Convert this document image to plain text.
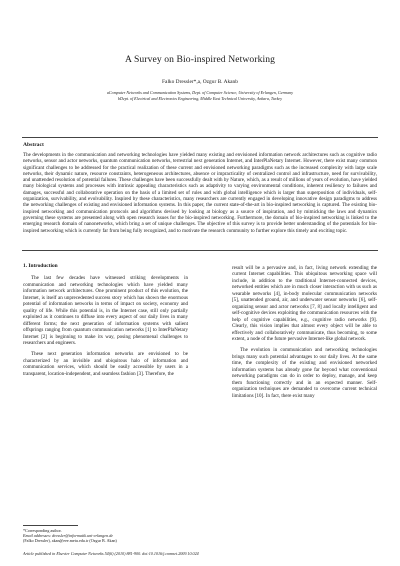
A Survey on Bio-inspired Networking
Falko Dressler*,a, Ozgur B. Akanb
aComputer Networks and Communication Systems, Dept. of Computer Science, University of Erlangen, Germany
bDept. of Electrical and Electronics Engineering, Middle East Technical University, Ankara, Turkey
Abstract

The developments in the communication and networking technologies have yielded many existing and envisioned information network architectures such as cognitive radio networks, sensor and actor networks, quantum communication networks, terrestrial next generation Internet, and InterPlaNetary Internet. However, there exist many common significant challenges to be addressed for the practical realization of these current and envisioned networking paradigms such as the increased complexity with large scale networks, their dynamic nature, resource constraints, heterogeneous architectures, absence or impracticality of centralized control and infrastructure, need for survivability, and unattended resolution of potential failures. These challenges have been successfully dealt with by Nature, which, as a result of millions of years of evolution, have yielded many biological systems and processes with intrinsic appealing characteristics such as adaptivity to varying environmental conditions, inherent resiliency to failures and damages, successful and collaborative operation on the basis of a limited set of rules and with global intelligence which is larger than superposition of individuals, self-organization, survivability, and evolvability. Inspired by these characteristics, many researchers are currently engaged in developing innovative design paradigms to address the networking challenges of existing and envisioned information systems. In this paper, the current state-of-the-art in bio-inspired networking is captured. The existing bio-inspired networking and communication protocols and algorithms devised by looking at biology as a source of inspiration, and by mimicking the laws and dynamics governing these systems are presented along with open research issues for the bio-inspired networking. Furthermore, the domain of bio-inspired networking is linked to the emerging research domain of nanonetworks, which bring a set of unique challenges. The objective of this survey is to provide better understanding of the potentials for bio-inspired networking which is currently far from being fully recognized, and to motivate the research community to further explore this timely and exciting topic.

1. Introduction

The last few decades have witnessed striking developments in communication and networking technologies which have yielded many information network architectures. One prominent product of this evolution, the Internet, is itself an unprecedented success story which has shown the enormous potential of information networks in terms of impact on society, economy and quality of life. While this potential is, in the Internet case, still only partially exploited as it continues to diffuse into every aspect of our daily lives in many different forms; the next generation of information systems with salient offsprings ranging from quantum communication networks [1] to InterPlaNetary Internet [2] is beginning to make its way, posing phenomenal challenges to researchers and engineers.

These next generation information networks are envisioned to be characterized by an invisible and ubiquitous halo of information and communication services, which should be easily accessible by users in a transparent, location-independent, and seamless fashion [3]. Therefore, the

result will be a pervasive and, in fact, living network extending the current Internet capabilities. This ubiquitous networking space will include, in addition to the traditional Internet-connected devices, networked entities which are in much closer interaction with us such as wearable networks [4], in-body molecular communication networks [5], unattended ground, air, and underwater sensor networks [6], self-organizing sensor and actor networks [7, 8] and locally intelligent and self-cognitive devices exploiting the communication resources with the help of cognitive capabilities, e.g., cognitive radio networks [9]. Clearly, this vision implies that almost every object will be able to effectively and collaboratively communicate, thus becoming, to some extent, a node of the future pervasive Internet-like global network.

The evolution in communication and networking technologies brings many such potential advantages to our daily lives. At the same time, the complexity of the existing and envisioned networked information systems has already gone far beyond what conventional networking paradigms can do in order to deploy, manage, and keep them functioning correctly and in an expected manner. Self-organization techniques are demanded to overcome current technical limitations [10]. In fact, there exist many

*Corresponding author.
Email addresses: dressler@informatik.uni-erlangen.de
(Falko Dressler), akan@eee.metu.edu.tr (Ozgur B. Akan)
Article published in Elsevier Computer Networks 54(6) (2010) 881-900. doi:10.1016/j.comnet.2009.10.024
